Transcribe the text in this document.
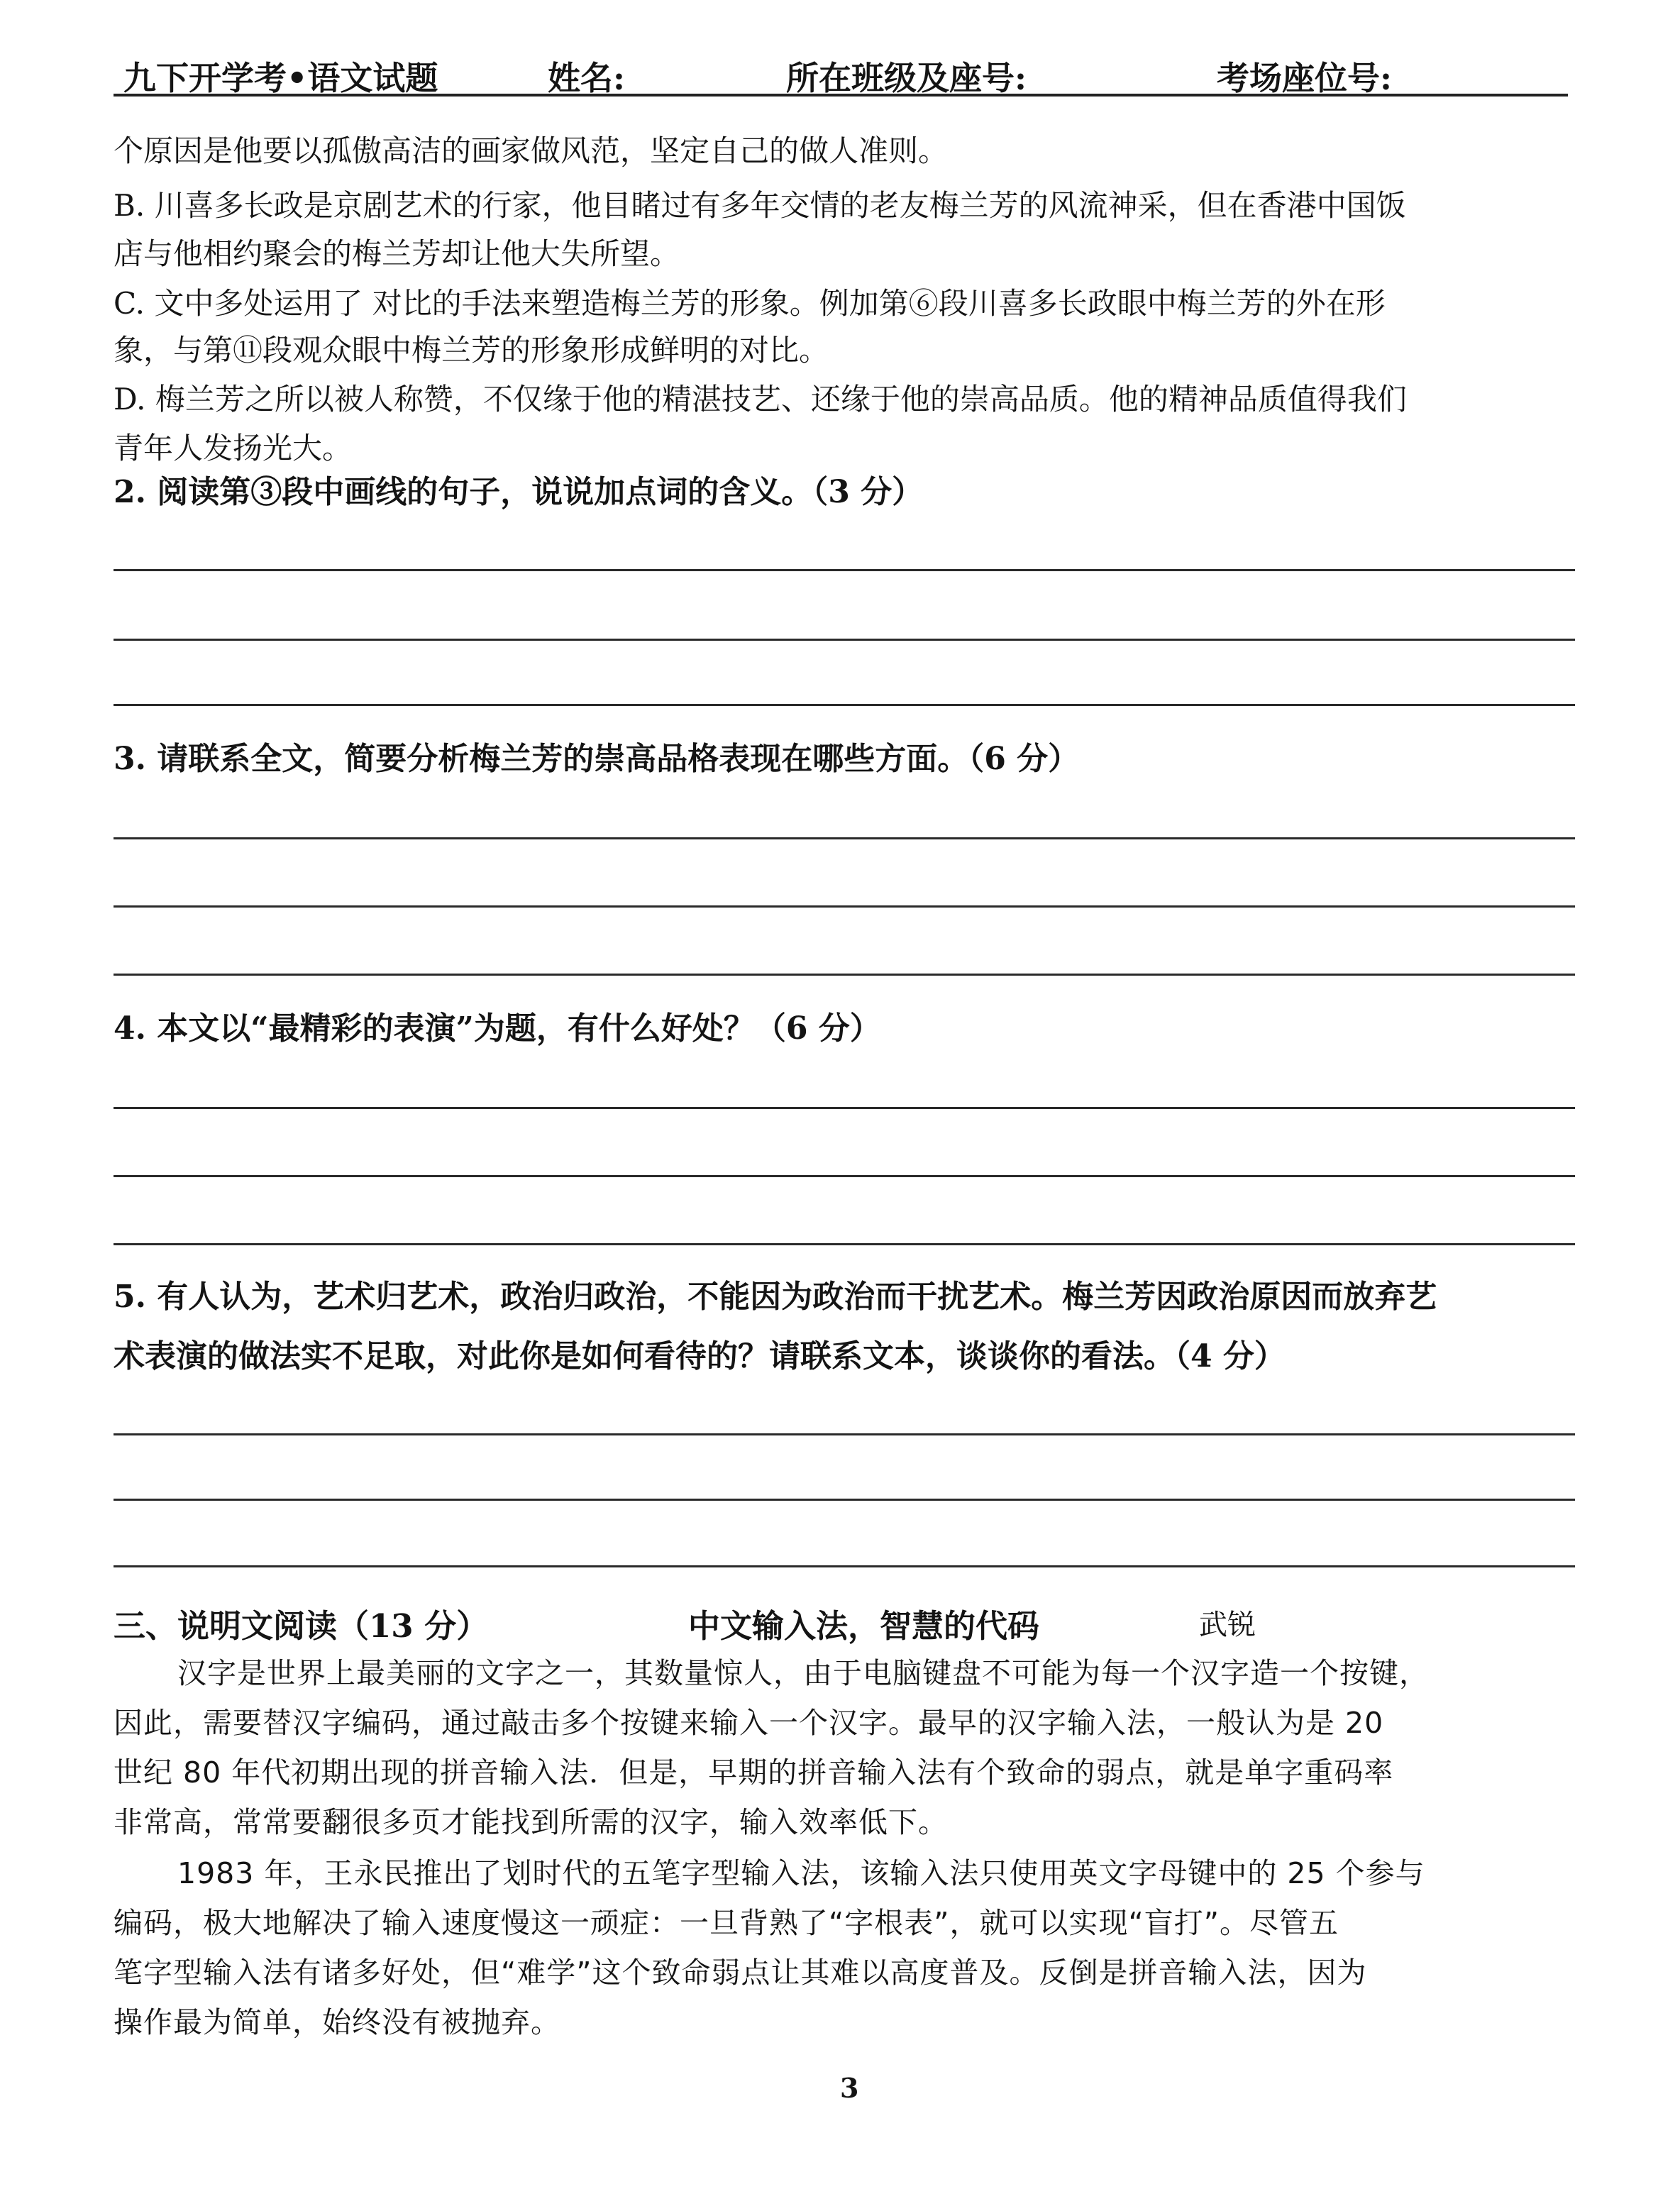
九下开学考•语文试题	姓名:	所在班级及座号:	考场座位号:
个原因是他要以孤傲高洁的画家做风范，坚定自己的做人准则。
B. 川喜多长政是京剧艺术的行家，他目睹过有多年交情的老友梅兰芳的风流神采，但在香港中国饭
店与他相约聚会的梅兰芳却让他大失所望。
C. 文中多处运用了 对比的手法来塑造梅兰芳的形象。例加第⑥段川喜多长政眼中梅兰芳的外在形
象，与第⑪段观众眼中梅兰芳的形象形成鲜明的对比。
D. 梅兰芳之所以被人称赞，不仅缘于他的精湛技艺、还缘于他的崇高品质。他的精神品质值得我们
青年人发扬光大。
2. 阅读第③段中画线的句子，说说加点词的含义。（3 分）
3. 请联系全文，简要分析梅兰芳的崇高品格表现在哪些方面。（6 分）
4. 本文以“最精彩的表演”为题，有什么好处？（6 分）
5. 有人认为，艺术归艺术，政治归政治，不能因为政治而干扰艺术。梅兰芳因政治原因而放弃艺
术表演的做法实不足取，对此你是如何看待的？请联系文本，谈谈你的看法。（4 分）
三、说明文阅读（13 分）	中文输入法，智慧的代码	武锐
汉字是世界上最美丽的文字之一，其数量惊人，由于电脑键盘不可能为每一个汉字造一个按键，
因此，需要替汉字编码，通过敲击多个按键来输入一个汉字。最早的汉字输入法，一般认为是 20
世纪 80 年代初期出现的拼音输入法．但是，早期的拼音输入法有个致命的弱点，就是单字重码率
非常高，常常要翻很多页才能找到所需的汉字，输入效率低下。
1983 年，王永民推出了划时代的五笔字型输入法，该输入法只使用英文字母键中的 25 个参与
编码，极大地解决了输入速度慢这一顽症：一旦背熟了“字根表”，就可以实现“盲打”。尽管五
笔字型输入法有诸多好处，但“难学”这个致命弱点让其难以高度普及。反倒是拼音输入法，因为
操作最为简单，始终没有被抛弃。
3
